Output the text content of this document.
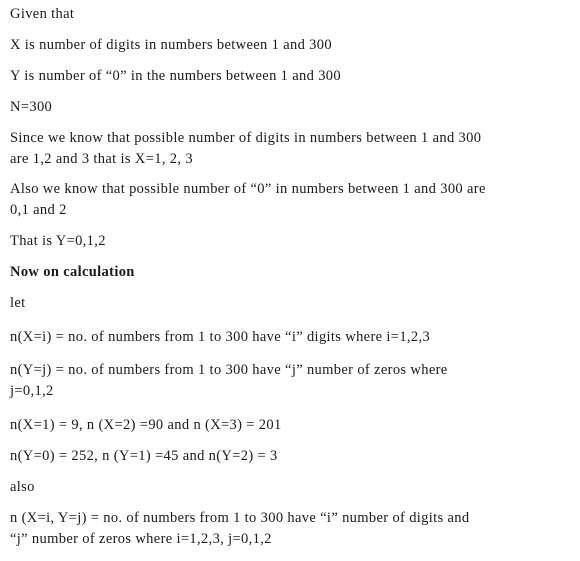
Given that
X is number of digits in numbers between 1 and 300
Y is number of “0” in the numbers between 1 and 300
N=300
Since we know that possible number of digits in numbers between 1 and 300
are 1,2 and 3 that is X=1, 2, 3
Also we know that possible number of “0” in numbers between 1 and 300 are
0,1 and 2
That is Y=0,1,2
Now on calculation
let
n(X=i) = no. of numbers from 1 to 300 have “i” digits where i=1,2,3
n(Y=j) = no. of numbers from 1 to 300 have “j” number of zeros where
j=0,1,2
n(X=1) = 9, n (X=2) =90 and n (X=3) = 201
n(Y=0) = 252, n (Y=1) =45 and n(Y=2) = 3
also
n (X=i, Y=j) = no. of numbers from 1 to 300 have “i” number of digits and
“j” number of zeros where i=1,2,3, j=0,1,2
